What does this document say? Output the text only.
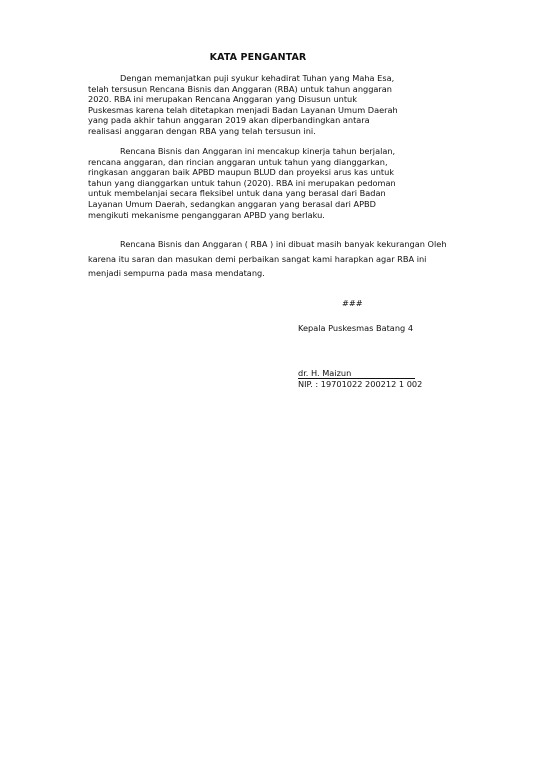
KATA PENGANTAR

Dengan memanjatkan puji syukur kehadirat Tuhan yang Maha Esa, telah tersusun Rencana Bisnis dan Anggaran (RBA) untuk tahun anggaran 2020. RBA ini merupakan Rencana Anggaran yang Disusun untuk Puskesmas karena telah ditetapkan menjadi Badan Layanan Umum Daerah yang pada akhir tahun anggaran 2019 akan diperbandingkan antara realisasi anggaran dengan RBA yang telah tersusun ini.

Rencana Bisnis dan Anggaran ini mencakup kinerja tahun berjalan, rencana anggaran, dan rincian anggaran untuk tahun yang dianggarkan, ringkasan anggaran baik APBD maupun BLUD dan proyeksi arus kas untuk tahun yang dianggarkan untuk tahun (2020). RBA ini merupakan pedoman untuk membelanjai secara fleksibel untuk dana yang berasal dari Badan Layanan Umum Daerah, sedangkan anggaran yang berasal dari APBD mengikuti mekanisme penganggaran APBD yang berlaku.

Rencana Bisnis dan Anggaran ( RBA ) ini dibuat masih banyak kekurangan Oleh karena itu saran dan masukan demi perbaikan sangat kami harapkan agar RBA ini menjadi sempurna pada masa mendatang.

###
Kepala Puskesmas Batang 4
dr. H. Maizun
NIP. : 19701022 200212 1 002
